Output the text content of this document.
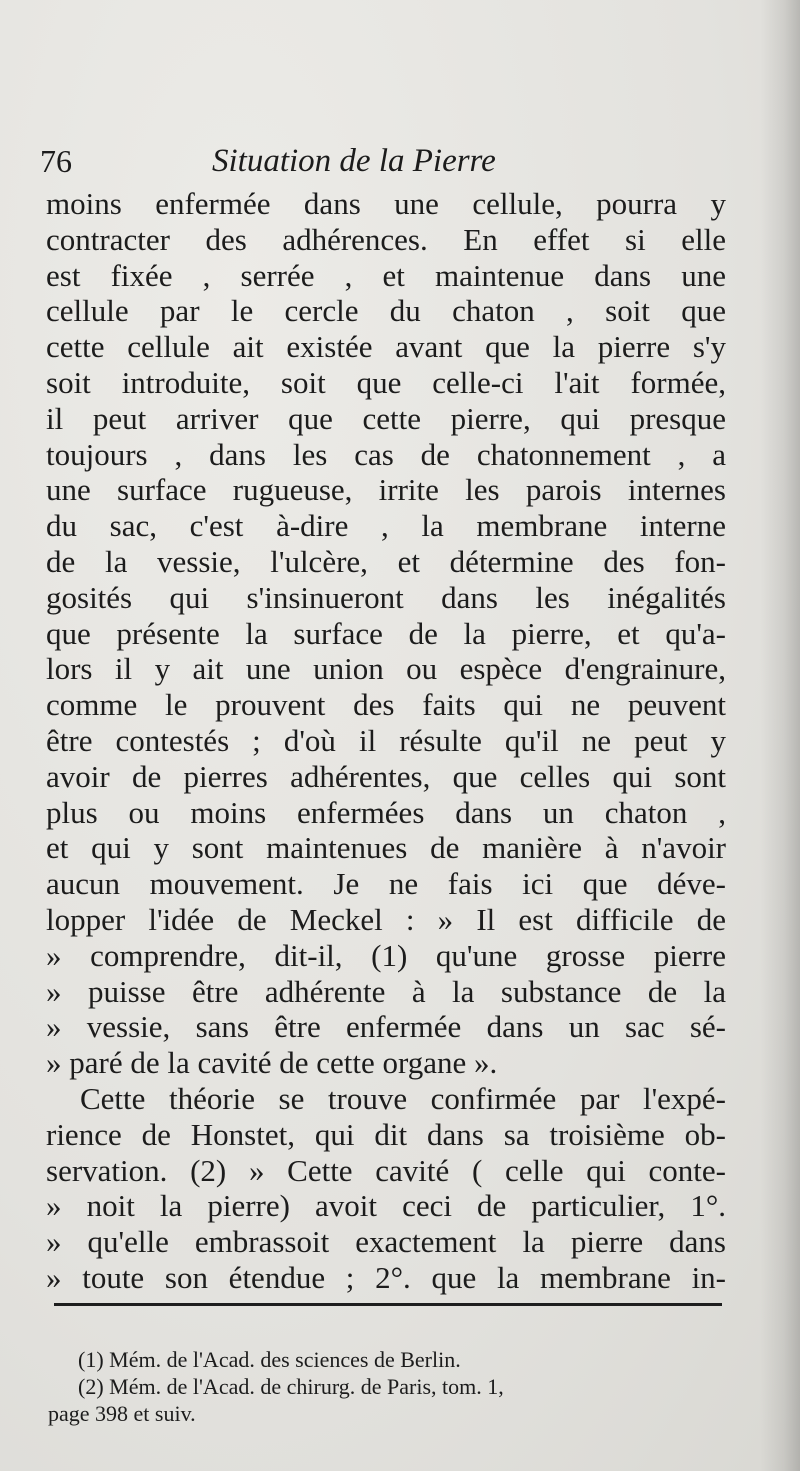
76	Situation de la Pierre
moins enfermée dans une cellule, pourra y
contracter des adhérences. En effet si elle
est fixée , serrée , et maintenue dans une
cellule par le cercle du chaton , soit que
cette cellule ait existée avant que la pierre s'y
soit introduite, soit que celle-ci l'ait formée,
il peut arriver que cette pierre, qui presque
toujours , dans les cas de chatonnement , a
une surface rugueuse, irrite les parois internes
du sac, c'est à-dire , la membrane interne
de la vessie, l'ulcère, et détermine des fon-
gosités qui s'insinueront dans les inégalités
que présente la surface de la pierre, et qu'a-
lors il y ait une union ou espèce d'engrainure,
comme le prouvent des faits qui ne peuvent
être contestés ; d'où il résulte qu'il ne peut y
avoir de pierres adhérentes, que celles qui sont
plus ou moins enfermées dans un chaton ,
et qui y sont maintenues de manière à n'avoir
aucun mouvement. Je ne fais ici que déve-
lopper l'idée de Meckel : » Il est difficile de
» comprendre, dit-il, (1) qu'une grosse pierre
» puisse être adhérente à la substance de la
» vessie, sans être enfermée dans un sac sé-
» paré de la cavité de cette organe ».
Cette théorie se trouve confirmée par l'expé-
rience de Honstet, qui dit dans sa troisième ob-
servation. (2) » Cette cavité ( celle qui conte-
» noit la pierre) avoit ceci de particulier, 1°.
» qu'elle embrassoit exactement la pierre dans
» toute son étendue ; 2°. que la membrane in-
(1) Mém. de l'Acad. des sciences de Berlin.
(2) Mém. de l'Acad. de chirurg. de Paris, tom. 1,
page 398 et suiv.
